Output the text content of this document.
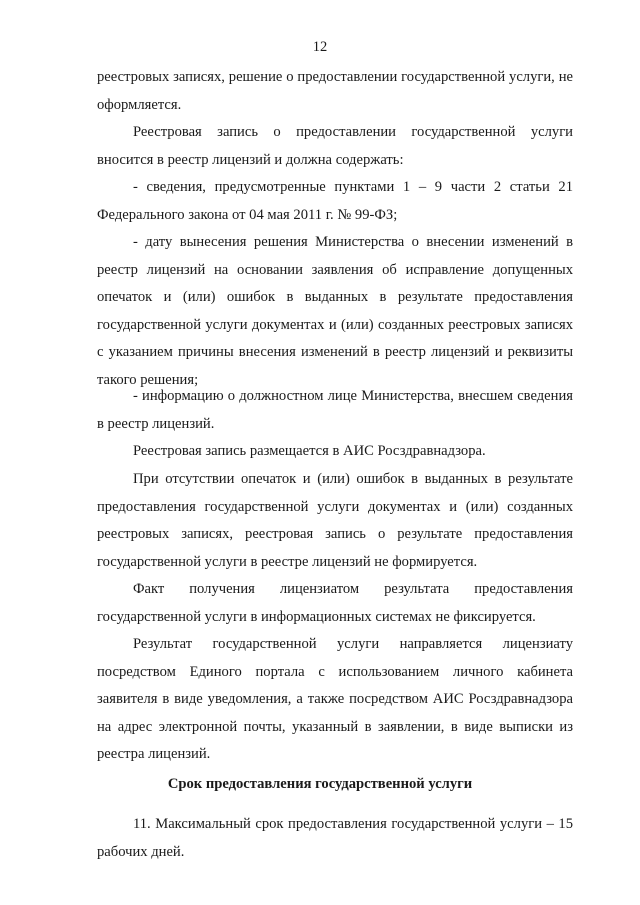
12

реестровых записях, решение о предоставлении государственной услуги, не оформляется.

Реестровая запись о предоставлении государственной услуги вносится в реестр лицензий и должна содержать:

- сведения, предусмотренные пунктами 1 – 9 части 2 статьи 21 Федерального закона от 04 мая 2011 г. № 99-ФЗ;

- дату вынесения решения Министерства о внесении изменений в реестр лицензий на основании заявления об исправление допущенных опечаток и (или) ошибок в выданных в результате предоставления государственной услуги документах и (или) созданных реестровых записях с указанием причины внесения изменений в реестр лицензий и реквизиты такого решения;

- информацию о должностном лице Министерства, внесшем сведения в реестр лицензий.

Реестровая запись размещается в АИС Росздравнадзора.

При отсутствии опечаток и (или) ошибок в выданных в результате предоставления государственной услуги документах и (или) созданных реестровых записях, реестровая запись о результате предоставления государственной услуги в реестре лицензий не формируется.

Факт получения лицензиатом результата предоставления государственной услуги в информационных системах не фиксируется.

Результат государственной услуги направляется лицензиату посредством Единого портала с использованием личного кабинета заявителя в виде уведомления, а также посредством АИС Росздравнадзора на адрес электронной почты, указанный в заявлении, в виде выписки из реестра лицензий.

Срок предоставления государственной услуги

11. Максимальный срок предоставления государственной услуги – 15 рабочих дней.
